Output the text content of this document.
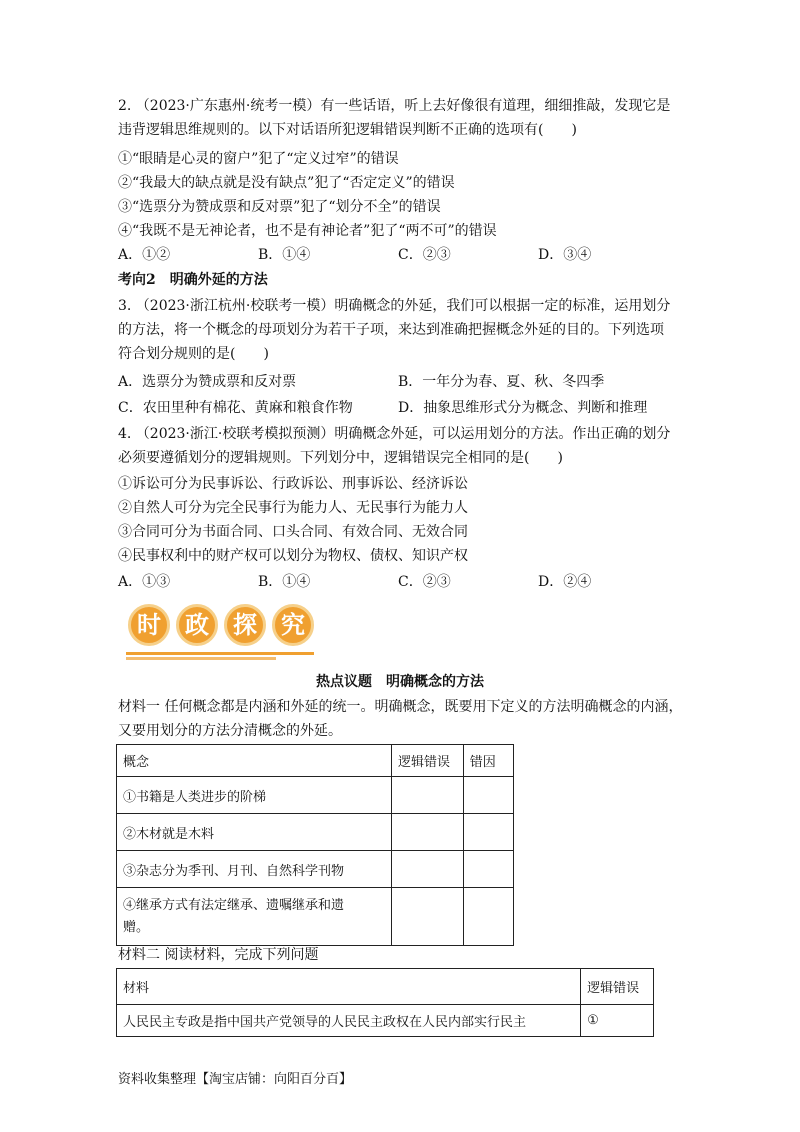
2. （2023·广东惠州·统考一模）有一些话语，听上去好像很有道理，细细推敲，发现它是
违背逻辑思维规则的。以下对话语所犯逻辑错误判断不正确的选项有(　　)
①“眼睛是心灵的窗户”犯了“定义过窄”的错误
②“我最大的缺点就是没有缺点”犯了“否定定义”的错误
③“选票分为赞成票和反对票”犯了“划分不全”的错误
④“我既不是无神论者，也不是有神论者”犯了“两不可”的错误
A．①②	B．①④	C．②③	D．③④
考向2　明确外延的方法
3. （2023·浙江杭州·校联考一模）明确概念的外延，我们可以根据一定的标准，运用划分
的方法，将一个概念的母项划分为若干子项，来达到准确把握概念外延的目的。下列选项
符合划分规则的是(　　)
A．选票分为赞成票和反对票	B．一年分为春、夏、秋、冬四季
C．农田里种有棉花、黄麻和粮食作物	D．抽象思维形式分为概念、判断和推理
4. （2023·浙江·校联考模拟预测）明确概念外延，可以运用划分的方法。作出正确的划分
必须要遵循划分的逻辑规则。下列划分中，逻辑错误完全相同的是(　　)
①诉讼可分为民事诉讼、行政诉讼、刑事诉讼、经济诉讼
②自然人可分为完全民事行为能力人、无民事行为能力人
③合同可分为书面合同、口头合同、有效合同、无效合同
④民事权利中的财产权可以划分为物权、债权、知识产权
A．①③	B．①④	C．②③	D．②④
时	政	探	究
热点议题　明确概念的方法
材料一 任何概念都是内涵和外延的统一。明确概念，既要用下定义的方法明确概念的内涵，
又要用划分的方法分清概念的外延。
概念	逻辑错误	错因
①书籍是人类进步的阶梯		
②木材就是木料		
③杂志分为季刊、月刊、自然科学刊物		
④继承方式有法定继承、遗嘱继承和遗赠。		
材料二 阅读材料，完成下列问题
材料	逻辑错误
人民民主专政是指中国共产党领导的人民民主政权在人民内部实行民主	①
资料收集整理【淘宝店铺：向阳百分百】
